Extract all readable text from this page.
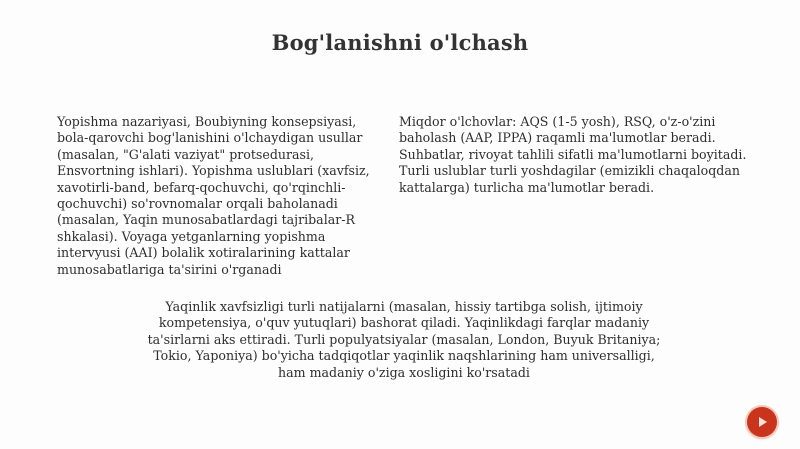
Bog'lanishni o'lchash

Yopishma nazariyasi, Boubiyning konsepsiyasi, bola-qarovchi bog'lanishini o'lchaydigan usullar (masalan, "G'alati vaziyat" protsedurasi, Ensvortning ishlari). Yopishma uslublari (xavfsiz, xavotirli-band, befarq-qochuvchi, qo'rqinchli-qochuvchi) so'rovnomalar orqali baholanadi (masalan, Yaqin munosabatlardagi tajribalar-R shkalasi). Voyaga yetganlarning yopishma intervyusi (AAI) bolalik xotiralarining kattalar munosabatlariga ta'sirini o'rganadi

Miqdor o'lchovlar: AQS (1-5 yosh), RSQ, o'z-o'zini baholash (AAP, IPPA) raqamli ma'lumotlar beradi. Suhbatlar, rivoyat tahlili sifatli ma'lumotlarni boyitadi. Turli uslublar turli yoshdagilar (emizikli chaqaloqdan kattalarga) turlicha ma'lumotlar beradi.

Yaqinlik xavfsizligi turli natijalarni (masalan, hissiy tartibga solish, ijtimoiy kompetensiya, o'quv yutuqlari) bashorat qiladi. Yaqinlikdagi farqlar madaniy ta'sirlarni aks ettiradi. Turli populyatsiyalar (masalan, London, Buyuk Britaniya; Tokio, Yaponiya) bo'yicha tadqiqotlar yaqinlik naqshlarining ham universalligi, ham madaniy o'ziga xosligini ko'rsatadi
